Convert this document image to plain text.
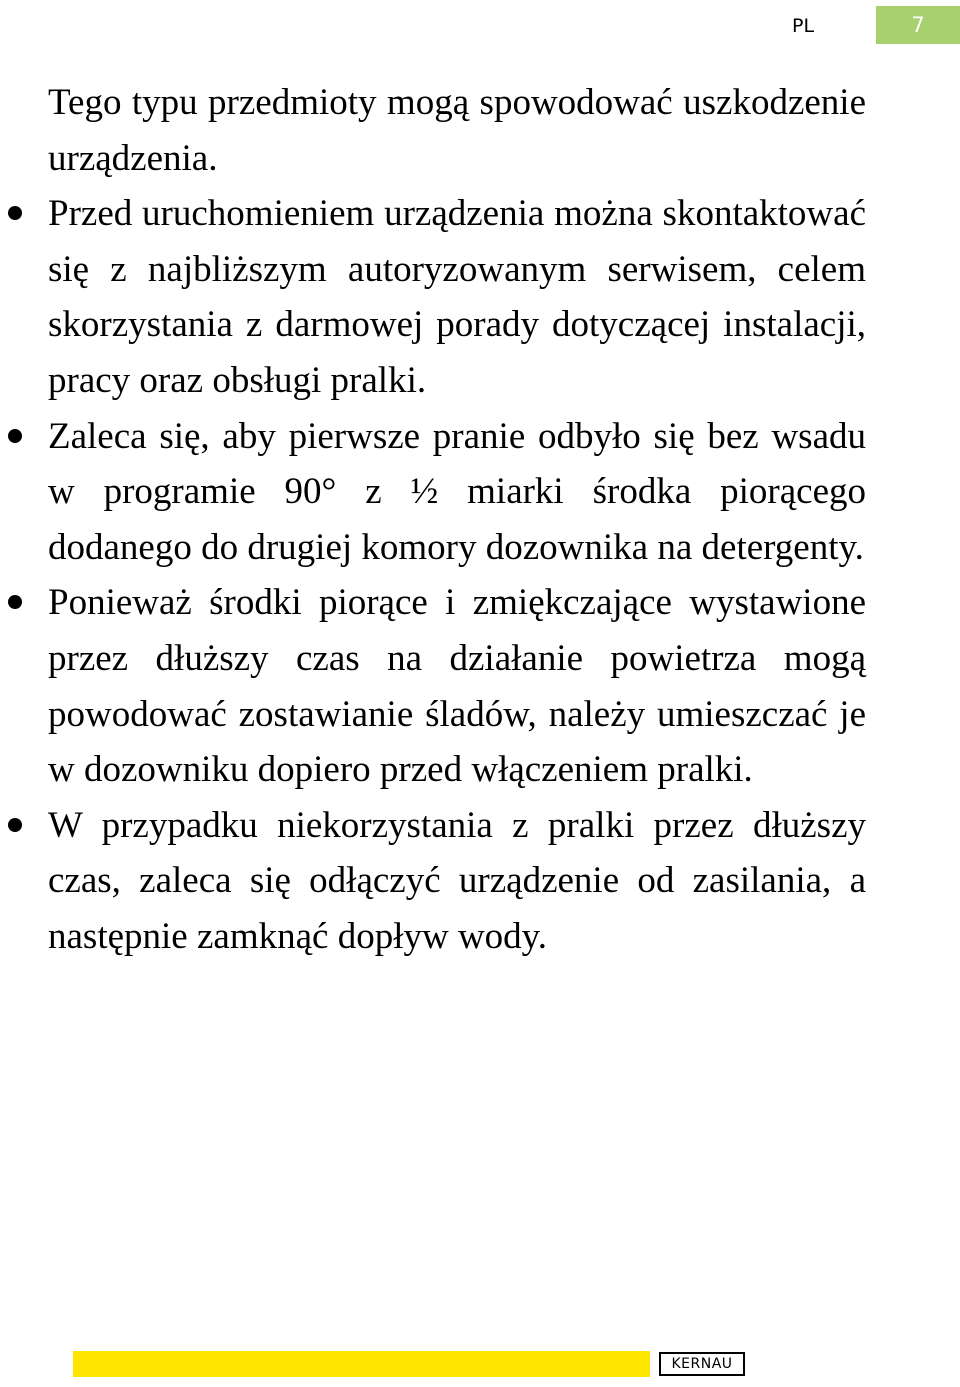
PL	7

Tego typu przedmioty mogą spowodować uszkodzenie urządzenia.

Przed uruchomieniem urządzenia można skontaktować się z najbliższym autoryzowanym serwisem, celem skorzystania z darmowej porady dotyczącej instalacji, pracy oraz obsługi pralki.
Zaleca się, aby pierwsze pranie odbyło się bez wsadu w programie 90° z ½ miarki środka piorącego dodanego do drugiej komory dozownika na detergenty.
Ponieważ środki piorące i zmiękczające wystawione przez dłuższy czas na działanie powietrza mogą powodować zostawianie śladów, należy umieszczać je w dozowniku dopiero przed włączeniem pralki.
W przypadku niekorzystania z pralki przez dłuższy czas, zaleca się odłączyć urządzenie od zasilania, a następnie zamknąć dopływ wody.
KERNAU
